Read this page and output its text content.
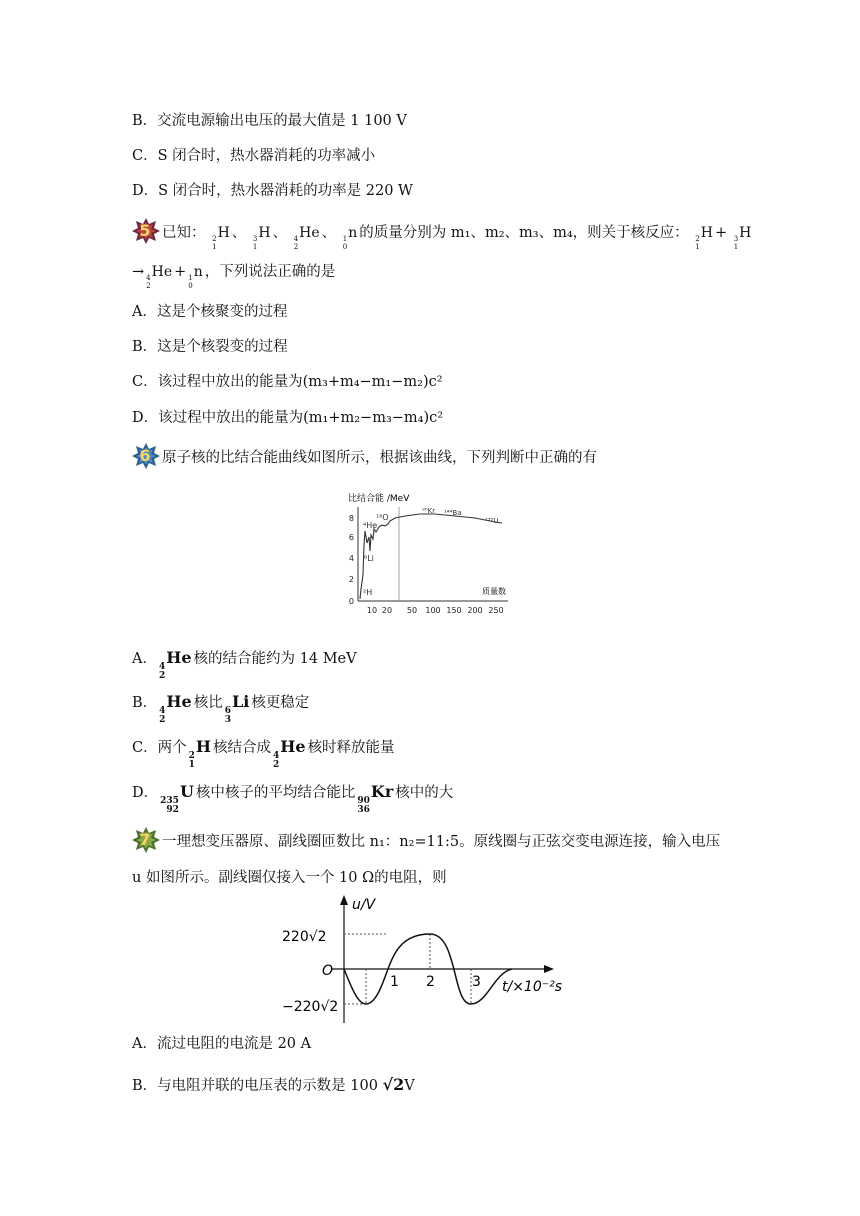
B．交流电源输出电压的最大值是 1 100 V
C．S 闭合时，热水器消耗的功率减小
D．S 闭合时，热水器消耗的功率是 220 W
5 已知： 2
1
H 、 3
1
H 、 4
2
He 、 1
0
n 的质量分别为 m₁、m₂、m₃、m₄，则关于核反应： 2
1
H + 3
1
H
→ 4
2
He + 1
0
n ，下列说法正确的是
A．这是个核聚变的过程
B．这是个核裂变的过程
C．该过程中放出的能量为(m₃+m₄−m₁−m₂)c²
D．该过程中放出的能量为(m₁+m₂−m₃−m₄)c²
6 原子核的比结合能曲线如图所示，根据该曲线，下列判断中正确的有
比结合能 /MeV
0
2
4
6
8
10 20 50 100 150 200 250
质量数
⁴He
⁶Li
²H
¹⁶O
⁹⁰Kr ¹⁴⁴Ba
²³⁵U
A． 4
2
He 核的结合能约为 14 MeV
B． 4
2
He 核比 6
3
Li 核更稳定
C．两个 2
1
H 核结合成 4
2
He 核时释放能量
D． 235
92
U 核中核子的平均结合能比 90
36
Kr 核中的大
7 一理想变压器原、副线圈匝数比 n₁：n₂=11:5。原线圈与正弦交变电源连接，输入电压
u 如图所示。副线圈仅接入一个 10 Ω的电阻，则
u/V
220√2
−220√2
O
1 2	3 t/×10⁻²s
A．流过电阻的电流是 20 A
B．与电阻并联的电压表的示数是 100 √2V
